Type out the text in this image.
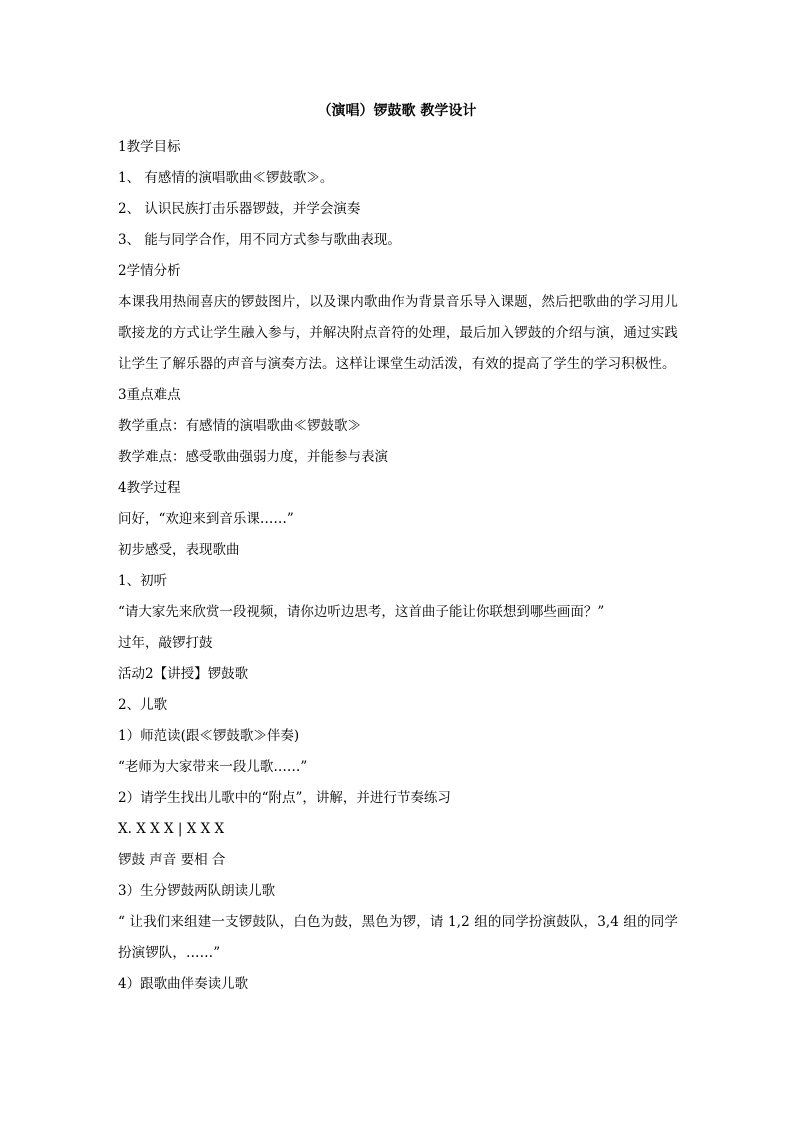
（演唱）锣鼓歌 教学设计
1教学目标
1、 有感情的演唱歌曲≪锣鼓歌≫。
2、 认识民族打击乐器锣鼓，并学会演奏
3、 能与同学合作，用不同方式参与歌曲表现。
2学情分析
本课我用热闹喜庆的锣鼓图片，以及课内歌曲作为背景音乐导入课题，然后把歌曲的学习用儿歌接龙的方式让学生融入参与，并解决附点音符的处理，最后加入锣鼓的介绍与演，通过实践让学生了解乐器的声音与演奏方法。这样让课堂生动活泼，有效的提高了学生的学习积极性。
3重点难点
教学重点：有感情的演唱歌曲≪锣鼓歌≫
教学难点：感受歌曲强弱力度，并能参与表演
4教学过程
问好，“欢迎来到音乐课……”
初步感受，表现歌曲
1、初听
“请大家先来欣赏一段视频，请你边听边思考，这首曲子能让你联想到哪些画面？”
过年，敲锣打鼓
活动2【讲授】锣鼓歌
2、儿歌
1）师范读(跟≪锣鼓歌≫伴奏)
“老师为大家带来一段儿歌……”
2）请学生找出儿歌中的“附点”，讲解，并进行节奏练习
X. X X X | X X X
锣鼓 声音 要相 合
3）生分锣鼓两队朗读儿歌
“ 让我们来组建一支锣鼓队，白色为鼓，黑色为锣，请 1,2 组的同学扮演鼓队，3,4 组的同学扮演锣队，……”
4）跟歌曲伴奏读儿歌
